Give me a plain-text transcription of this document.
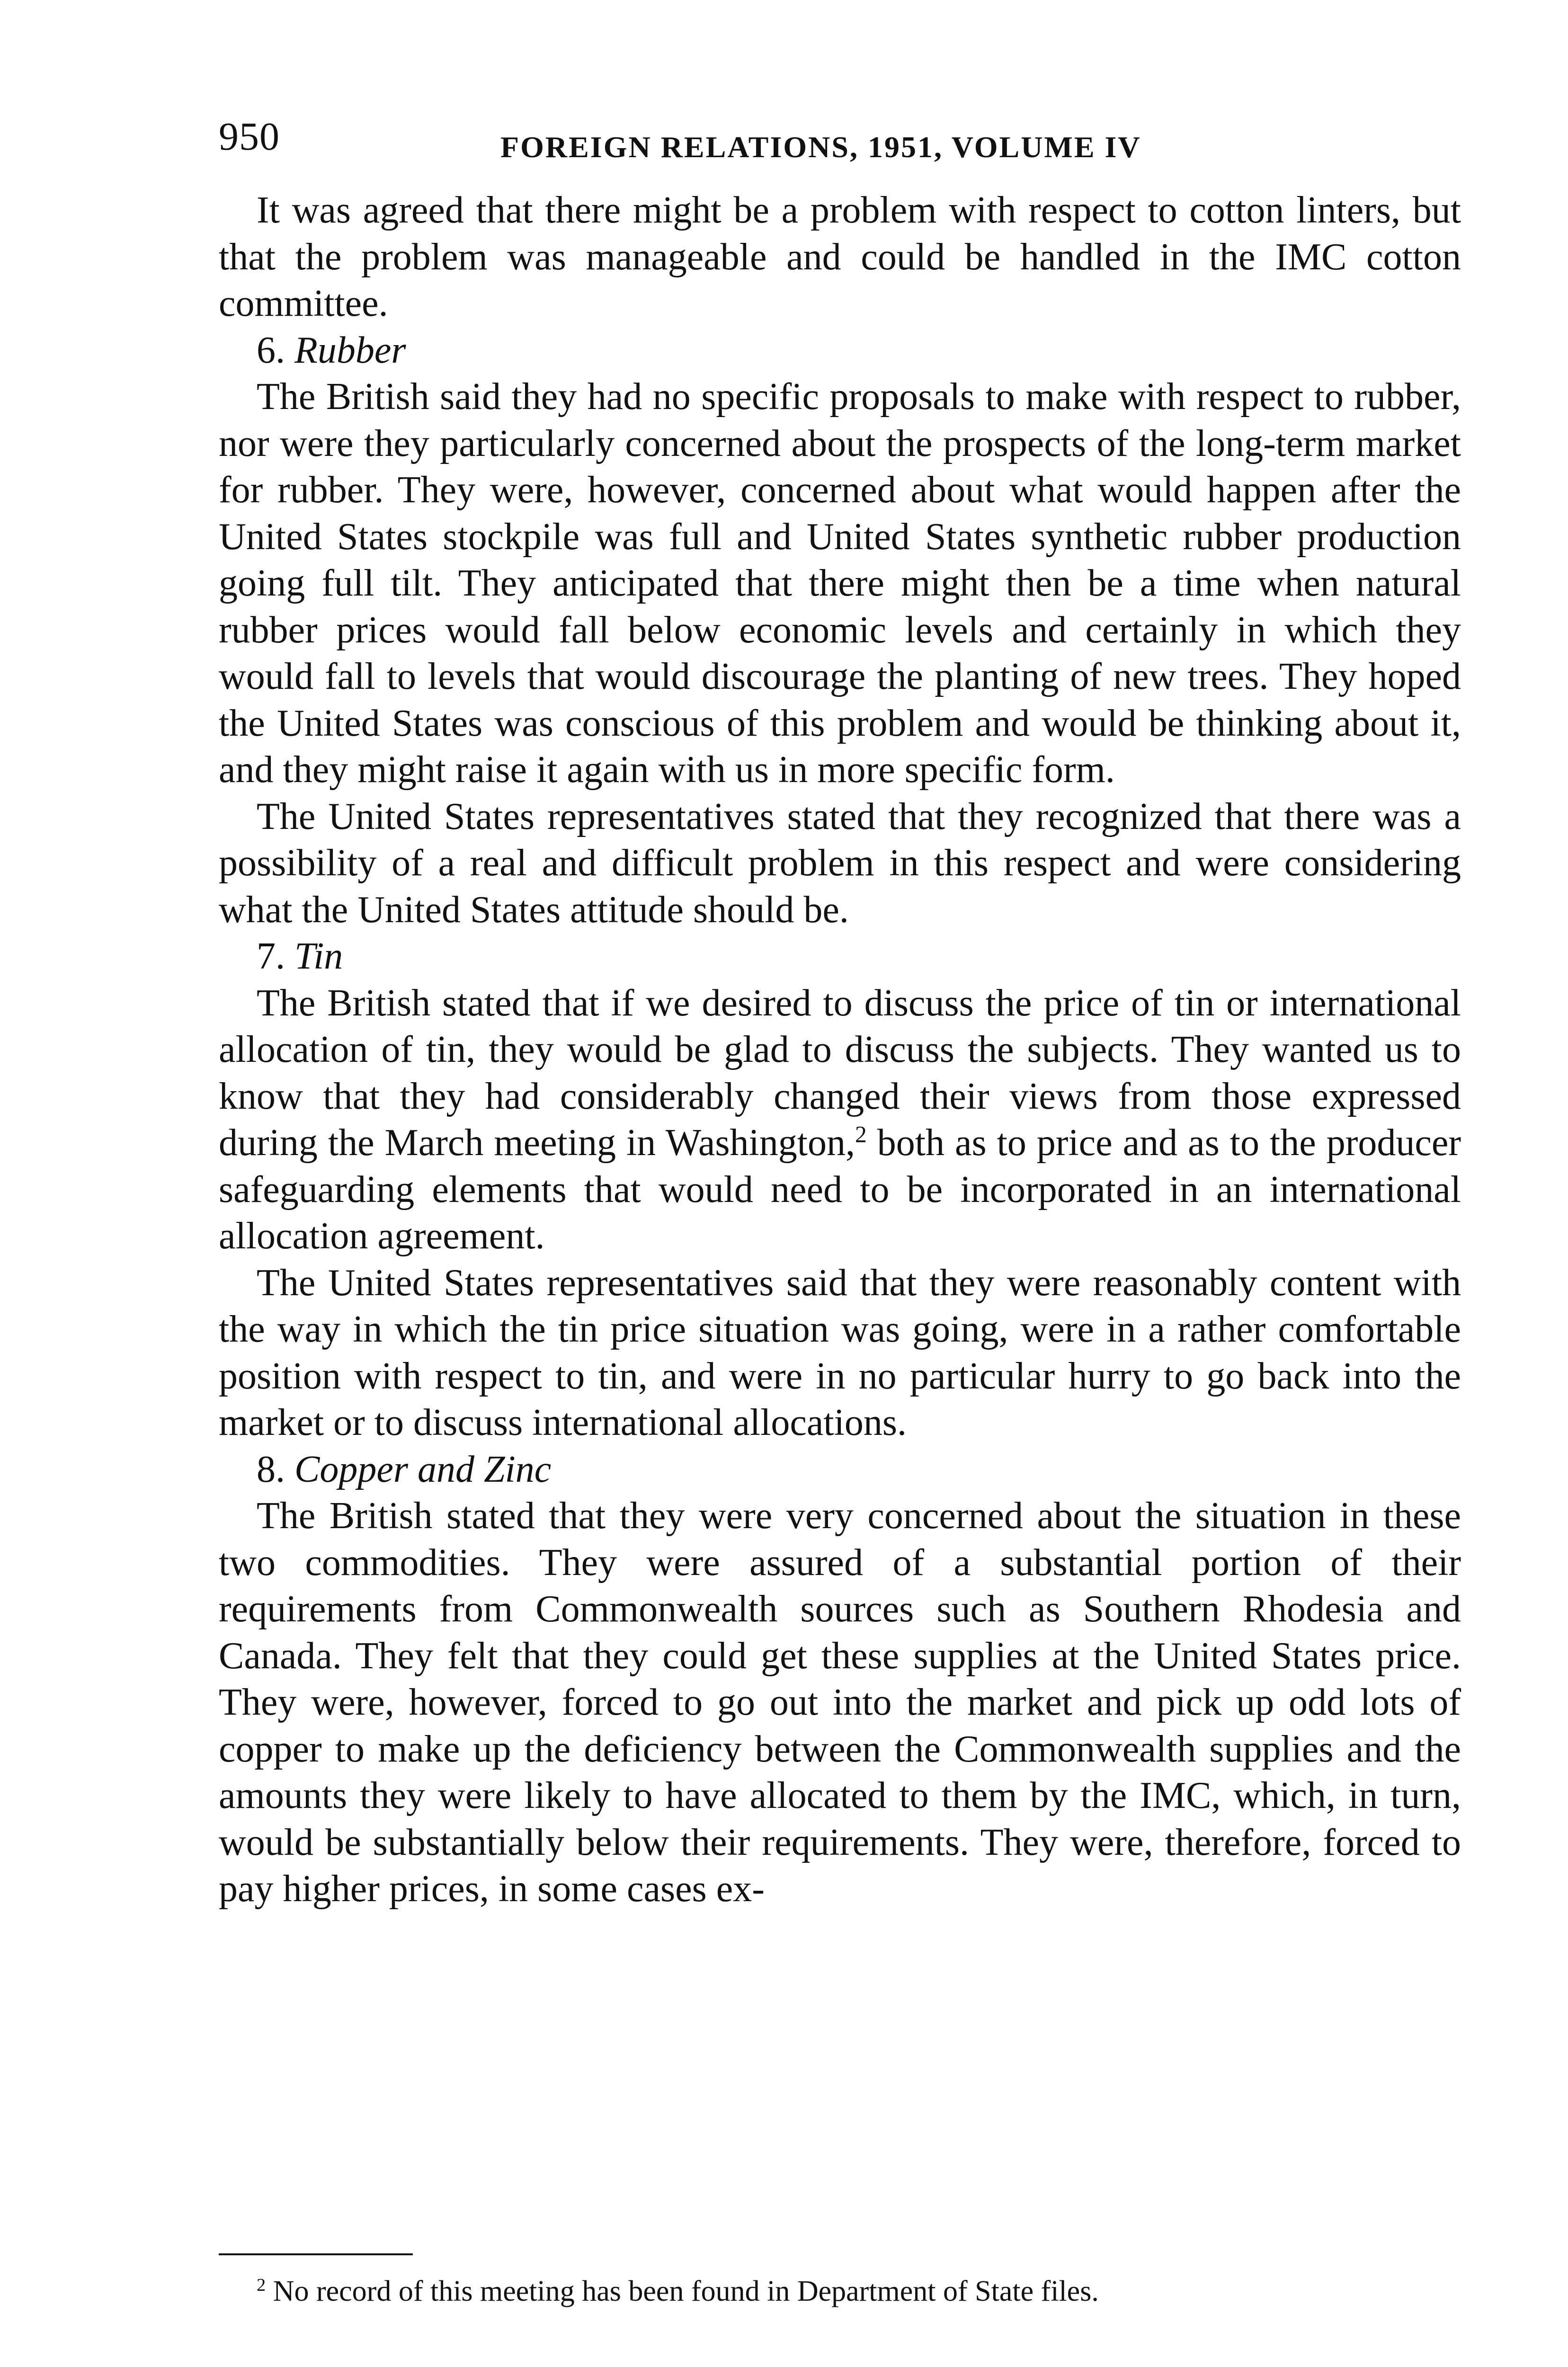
950	FOREIGN RELATIONS, 1951, VOLUME IV

It was agreed that there might be a problem with respect to cotton linters, but that the problem was manageable and could be handled in the IMC cotton committee.

6. Rubber

The British said they had no specific proposals to make with respect to rubber, nor were they particularly concerned about the prospects of the long-term market for rubber. They were, however, concerned about what would happen after the United States stockpile was full and United States synthetic rubber production going full tilt. They anticipated that there might then be a time when natural rubber prices would fall below economic levels and certainly in which they would fall to levels that would discourage the planting of new trees. They hoped the United States was conscious of this problem and would be thinking about it, and they might raise it again with us in more specific form.

The United States representatives stated that they recognized that there was a possibility of a real and difficult problem in this respect and were considering what the United States attitude should be.

7. Tin

The British stated that if we desired to discuss the price of tin or international allocation of tin, they would be glad to discuss the subjects. They wanted us to know that they had considerably changed their views from those expressed during the March meeting in Washington,$^2$ both as to price and as to the producer safeguarding elements that would need to be incorporated in an international allocation agreement.

The United States representatives said that they were reasonably content with the way in which the tin price situation was going, were in a rather comfortable position with respect to tin, and were in no particular hurry to go back into the market or to discuss international allocations.

8. Copper and Zinc

The British stated that they were very concerned about the situation in these two commodities. They were assured of a substantial portion of their requirements from Commonwealth sources such as Southern Rhodesia and Canada. They felt that they could get these supplies at the United States price. They were, however, forced to go out into the market and pick up odd lots of copper to make up the deficiency between the Commonwealth supplies and the amounts they were likely to have allocated to them by the IMC, which, in turn, would be substantially below their requirements. They were, therefore, forced to pay higher prices, in some cases ex-

$^2$ No record of this meeting has been found in Department of State files.
